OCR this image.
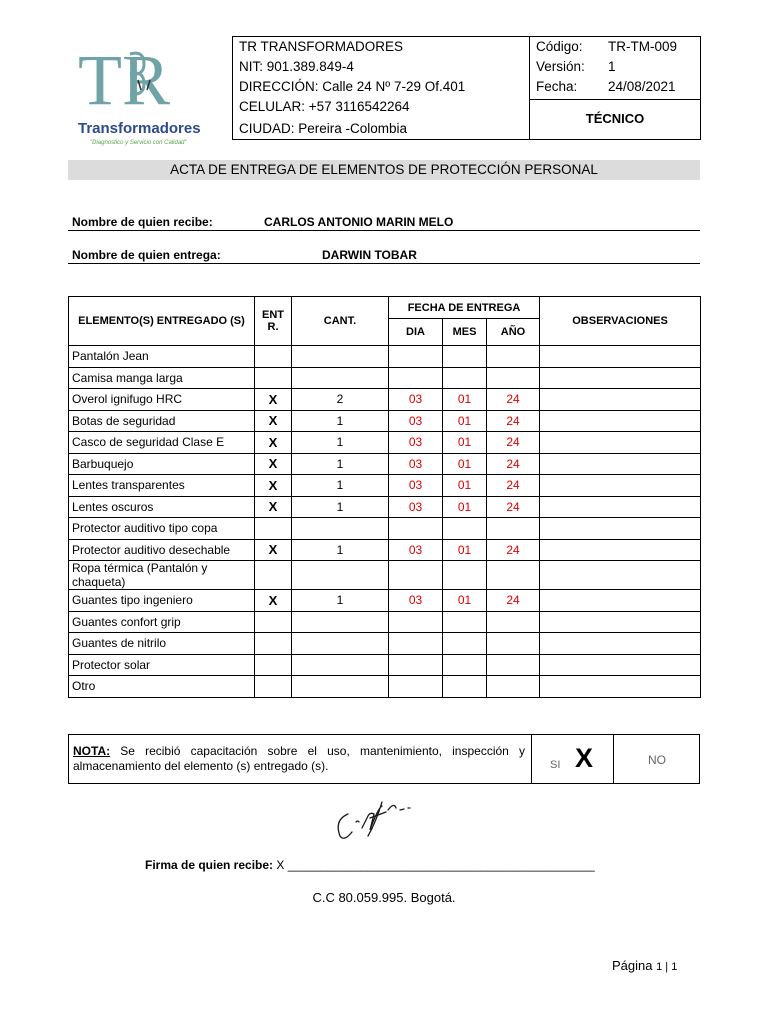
TR
Transformadores
"Diagnostico y Servicio con Calidad"
TR TRANSFORMADORES
NIT: 901.389.849-4
DIRECCIÓN: Calle 24 Nº 7-29 Of.401
CELULAR: +57 3116542264
CIUDAD: Pereira -Colombia
Código: TR-TM-009
Versión: 1
Fecha: 24/08/2021
TÉCNICO
ACTA DE ENTREGA DE ELEMENTOS DE PROTECCIÓN PERSONAL
Nombre de quien recibe:	CARLOS ANTONIO MARIN MELO
Nombre de quien entrega:	DARWIN TOBAR
ELEMENTO(S) ENTREGADO (S)	ENT R.	CANT.	FECHA DE ENTREGA			OBSERVACIONES
			DIA	MES	AÑO	
Pantalón Jean						
Camisa manga larga						
Overol ignifugo HRC	X	2	03	01	24	
Botas de seguridad	X	1	03	01	24	
Casco de seguridad Clase E	X	1	03	01	24	
Barbuquejo	X	1	03	01	24	
Lentes transparentes	X	1	03	01	24	
Lentes oscuros	X	1	03	01	24	
Protector auditivo tipo copa						
Protector auditivo desechable	X	1	03	01	24	
Ropa térmica (Pantalón y chaqueta)						
Guantes tipo ingeniero	X	1	03	01	24	
Guantes confort grip						
Guantes de nitrilo						
Protector solar						
Otro						
NOTA: Se recibió capacitación sobre el uso, mantenimiento, inspección y almacenamiento del elemento (s) entregado (s).	SI X	NO
Firma de quien recibe: X ______________________________________________
C.C 80.059.995. Bogotá.
Página 1 | 1
